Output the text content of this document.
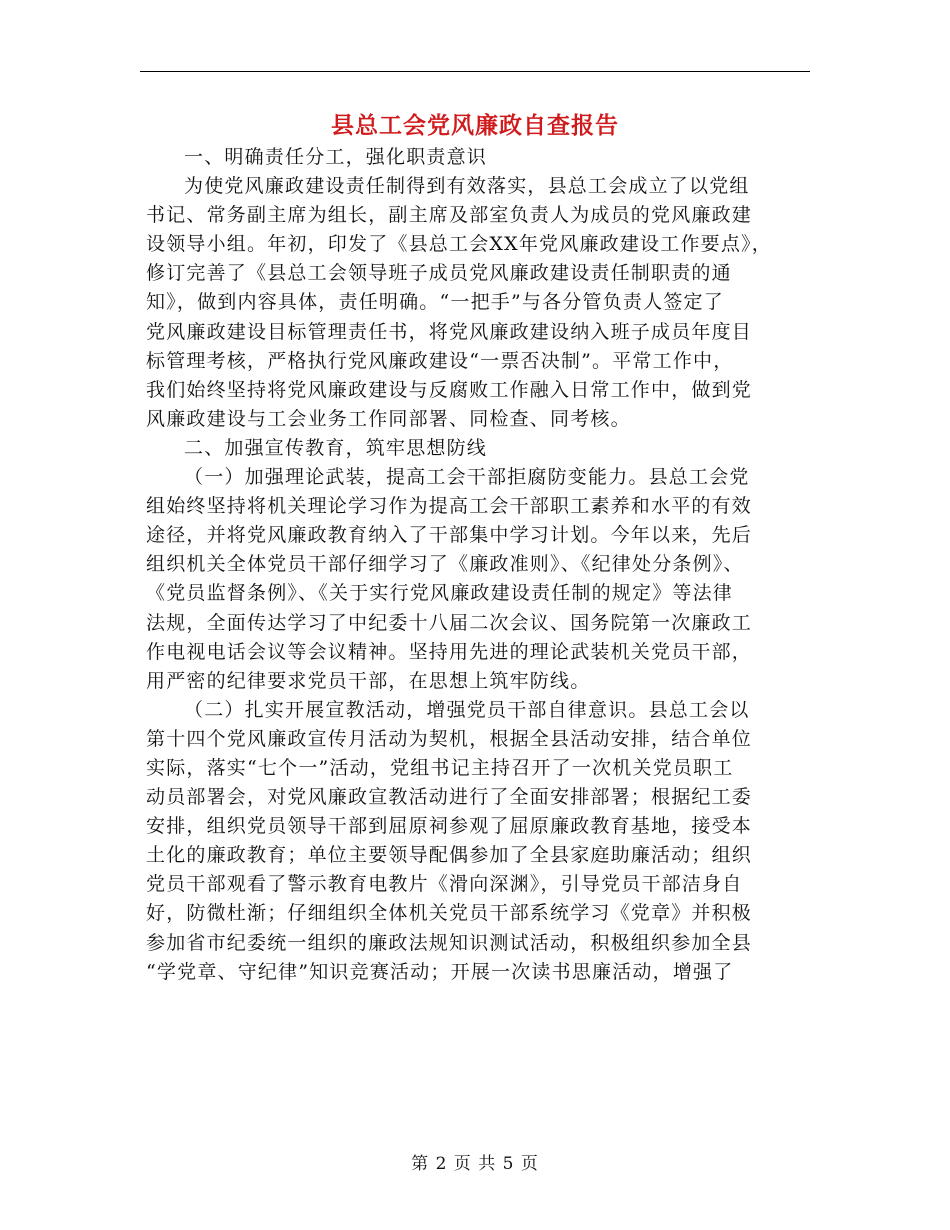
县总工会党风廉政自查报告
一、明确责任分工，强化职责意识
为使党风廉政建设责任制得到有效落实，县总工会成立了以党组
书记、常务副主席为组长，副主席及部室负责人为成员的党风廉政建
设领导小组。年初，印发了《县总工会XX年党风廉政建设工作要点》，
修订完善了《县总工会领导班子成员党风廉政建设责任制职责的通
知》，做到内容具体，责任明确。“一把手”与各分管负责人签定了
党风廉政建设目标管理责任书，将党风廉政建设纳入班子成员年度目
标管理考核，严格执行党风廉政建设“一票否决制”。平常工作中，
我们始终坚持将党风廉政建设与反腐败工作融入日常工作中，做到党
风廉政建设与工会业务工作同部署、同检查、同考核。
二、加强宣传教育，筑牢思想防线
（一）加强理论武装，提高工会干部拒腐防变能力。县总工会党
组始终坚持将机关理论学习作为提高工会干部职工素养和水平的有效
途径，并将党风廉政教育纳入了干部集中学习计划。今年以来，先后
组织机关全体党员干部仔细学习了《廉政准则》、《纪律处分条例》、
《党员监督条例》、《关于实行党风廉政建设责任制的规定》等法律
法规，全面传达学习了中纪委十八届二次会议、国务院第一次廉政工
作电视电话会议等会议精神。坚持用先进的理论武装机关党员干部，
用严密的纪律要求党员干部，在思想上筑牢防线。
（二）扎实开展宣教活动，增强党员干部自律意识。县总工会以
第十四个党风廉政宣传月活动为契机，根据全县活动安排，结合单位
实际，落实“七个一”活动，党组书记主持召开了一次机关党员职工
动员部署会，对党风廉政宣教活动进行了全面安排部署；根据纪工委
安排，组织党员领导干部到屈原祠参观了屈原廉政教育基地，接受本
土化的廉政教育；单位主要领导配偶参加了全县家庭助廉活动；组织
党员干部观看了警示教育电教片《滑向深渊》，引导党员干部洁身自
好，防微杜渐；仔细组织全体机关党员干部系统学习《党章》并积极
参加省市纪委统一组织的廉政法规知识测试活动，积极组织参加全县
“学党章、守纪律”知识竞赛活动；开展一次读书思廉活动，增强了
第 2 页 共 5 页
